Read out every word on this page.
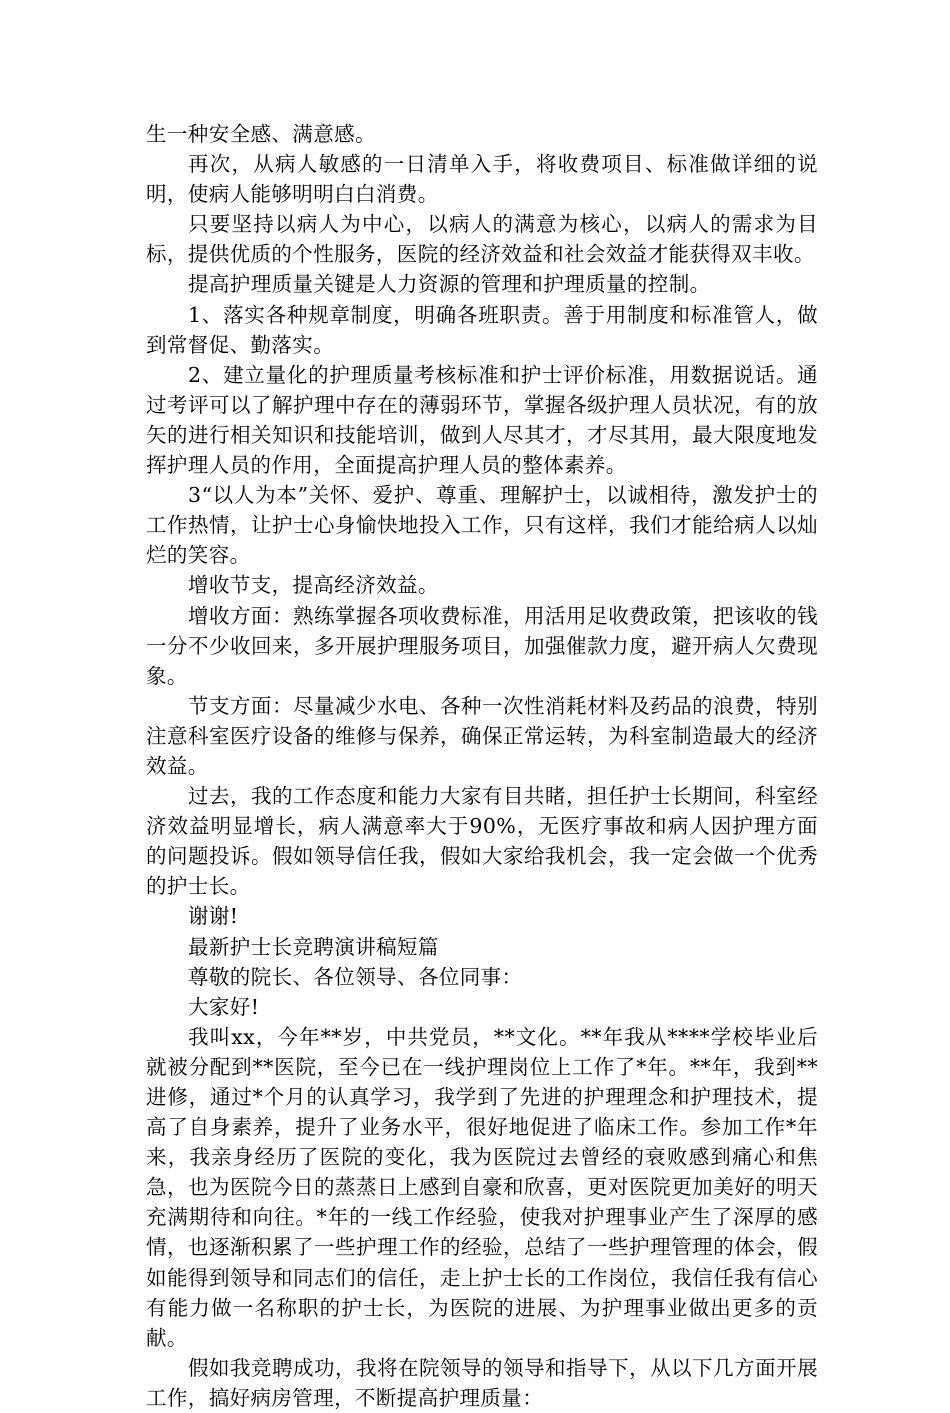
生一种安全感、满意感。

再次，从病人敏感的一日清单入手，将收费项目、标准做详细的说明，使病人能够明明白白消费。

只要坚持以病人为中心，以病人的满意为核心，以病人的需求为目标，提供优质的个性服务，医院的经济效益和社会效益才能获得双丰收。

提高护理质量关键是人力资源的管理和护理质量的控制。

1、落实各种规章制度，明确各班职责。善于用制度和标准管人，做到常督促、勤落实。

2、建立量化的护理质量考核标准和护士评价标准，用数据说话。通过考评可以了解护理中存在的薄弱环节，掌握各级护理人员状况，有的放矢的进行相关知识和技能培训，做到人尽其才，才尽其用，最大限度地发挥护理人员的作用，全面提高护理人员的整体素养。

3“以人为本”关怀、爱护、尊重、理解护士，以诚相待，激发护士的工作热情，让护士心身愉快地投入工作，只有这样，我们才能给病人以灿烂的笑容。

增收节支，提高经济效益。

增收方面：熟练掌握各项收费标准，用活用足收费政策，把该收的钱一分不少收回来，多开展护理服务项目，加强催款力度，避开病人欠费现象。

节支方面：尽量减少水电、各种一次性消耗材料及药品的浪费，特别注意科室医疗设备的维修与保养，确保正常运转，为科室制造最大的经济效益。

过去，我的工作态度和能力大家有目共睹，担任护士长期间，科室经济效益明显增长，病人满意率大于90%，无医疗事故和病人因护理方面的问题投诉。假如领导信任我，假如大家给我机会，我一定会做一个优秀的护士长。

谢谢!

最新护士长竞聘演讲稿短篇

尊敬的院长、各位领导、各位同事：

大家好!

我叫xx，今年**岁，中共党员，**文化。**年我从****学校毕业后就被分配到**医院，至今已在一线护理岗位上工作了*年。**年，我到**进修，通过*个月的认真学习，我学到了先进的护理理念和护理技术，提高了自身素养，提升了业务水平，很好地促进了临床工作。参加工作*年来，我亲身经历了医院的变化，我为医院过去曾经的衰败感到痛心和焦急，也为医院今日的蒸蒸日上感到自豪和欣喜，更对医院更加美好的明天充满期待和向往。*年的一线工作经验，使我对护理事业产生了深厚的感情，也逐渐积累了一些护理工作的经验，总结了一些护理管理的体会，假如能得到领导和同志们的信任，走上护士长的工作岗位，我信任我有信心有能力做一名称职的护士长，为医院的进展、为护理事业做出更多的贡献。

假如我竞聘成功，我将在院领导的领导和指导下，从以下几方面开展工作，搞好病房管理，不断提高护理质量：
